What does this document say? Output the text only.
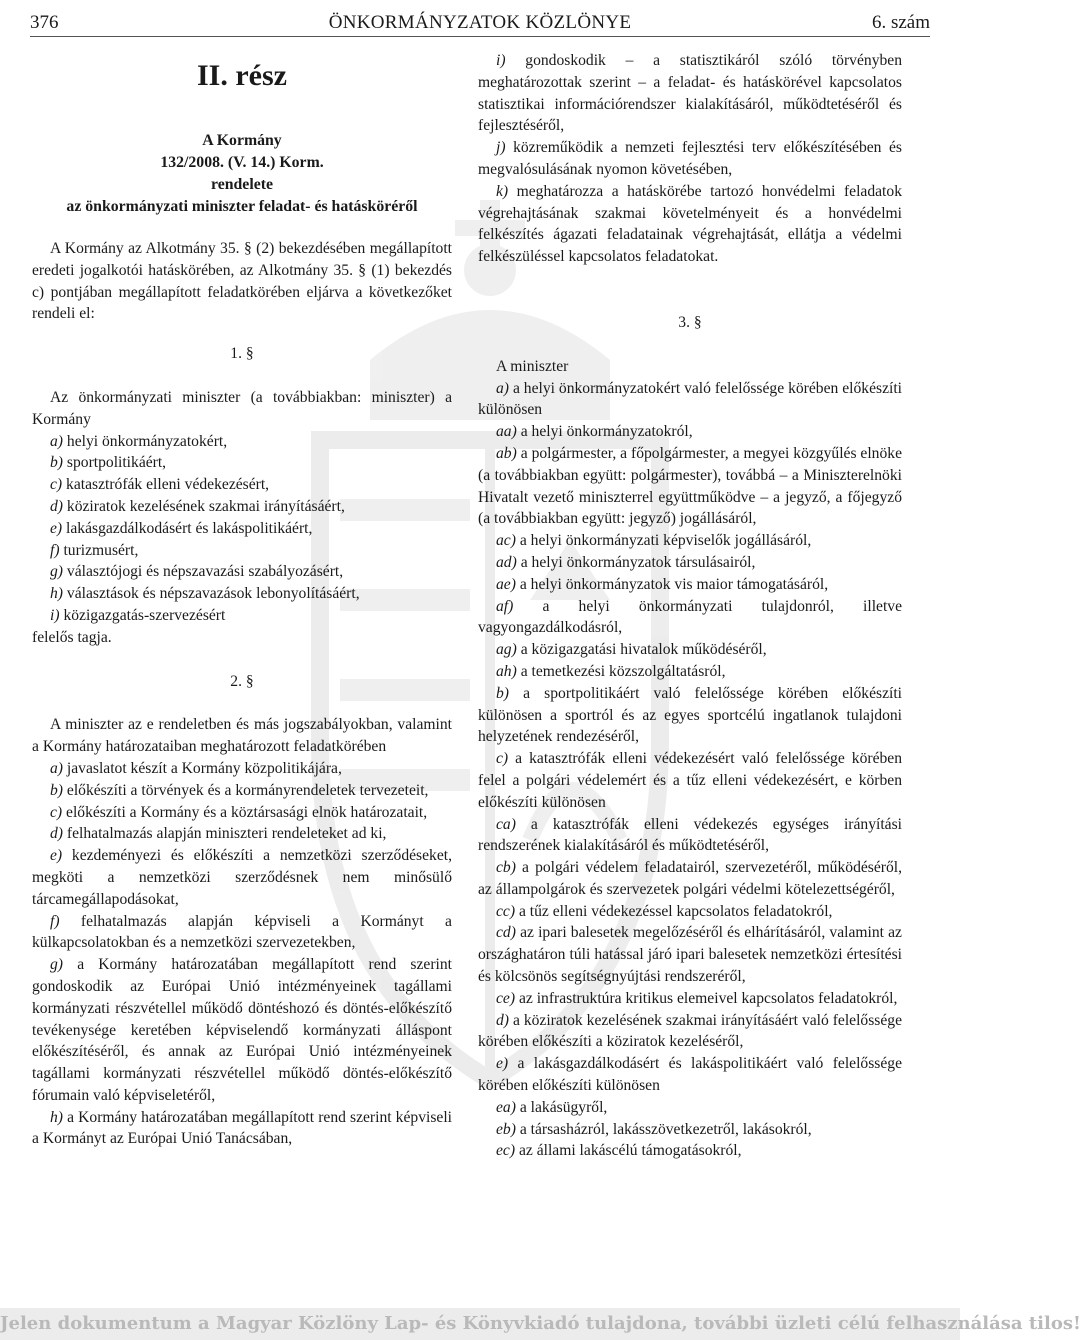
ÖNKORMÁNYZATOK KÖZLÖNYE
376	6. szám

II. rész

A Kormány

132/2008. (V. 14.) Korm.

rendelete

az önkormányzati miniszter feladat- és hatásköréről

A Kormány az Alkotmány 35. § (2) bekezdésében megállapított eredeti jogalkotói hatáskörében, az Alkotmány 35. § (1) bekezdés c) pontjában megállapított feladatkörében eljárva a következőket rendeli el:

1. §

Az önkormányzati miniszter (a továbbiakban: miniszter) a Kormány

a) helyi önkormányzatokért,

b) sportpolitikáért,

c) katasztrófák elleni védekezésért,

d) köziratok kezelésének szakmai irányításáért,

e) lakásgazdálkodásért és lakáspolitikáért,

f) turizmusért,

g) választójogi és népszavazási szabályozásért,

h) választások és népszavazások lebonyolításáért,

i) közigazgatás-szervezésért

felelős tagja.

2. §

A miniszter az e rendeletben és más jogszabályokban, valamint a Kormány határozataiban meghatározott feladatkörében

a) javaslatot készít a Kormány közpolitikájára,

b) előkészíti a törvények és a kormányrendeletek tervezeteit,

c) előkészíti a Kormány és a köztársasági elnök határozatait,

d) felhatalmazás alapján miniszteri rendeleteket ad ki,

e) kezdeményezi és előkészíti a nemzetközi szerződéseket, megköti a nemzetközi szerződésnek nem minősülő tárcamegállapodásokat,

f) felhatalmazás alapján képviseli a Kormányt a külkapcsolatokban és a nemzetközi szervezetekben,

g) a Kormány határozatában megállapított rend szerint gondoskodik az Európai Unió intézményeinek tagállami kormányzati részvétellel működő döntéshozó és döntés-előkészítő tevékenysége keretében képviselendő kormányzati álláspont előkészítéséről, és annak az Európai Unió intézményeinek tagállami kormányzati részvétellel működő döntés-előkészítő fórumain való képviseletéről,

h) a Kormány határozatában megállapított rend szerint képviseli a Kormányt az Európai Unió Tanácsában,

i) gondoskodik – a statisztikáról szóló törvényben meghatározottak szerint – a feladat- és hatáskörével kapcsolatos statisztikai információrendszer kialakításáról, működtetéséről és fejlesztéséről,

j) közreműködik a nemzeti fejlesztési terv előkészítésében és megvalósulásának nyomon követésében,

k) meghatározza a hatáskörébe tartozó honvédelmi feladatok végrehajtásának szakmai követelményeit és a honvédelmi felkészítés ágazati feladatainak végrehajtását, ellátja a védelmi felkészüléssel kapcsolatos feladatokat.

3. §

A miniszter

a) a helyi önkormányzatokért való felelőssége körében előkészíti különösen

aa) a helyi önkormányzatokról,

ab) a polgármester, a főpolgármester, a megyei közgyűlés elnöke (a továbbiakban együtt: polgármester), továbbá – a Miniszterelnöki Hivatalt vezető miniszterrel együttműködve – a jegyző, a főjegyző (a továbbiakban együtt: jegyző) jogállásáról,

ac) a helyi önkormányzati képviselők jogállásáról,

ad) a helyi önkormányzatok társulásairól,

ae) a helyi önkormányzatok vis maior támogatásáról,

af) a helyi önkormányzati tulajdonról, illetve vagyongazdálkodásról,

ag) a közigazgatási hivatalok működéséről,

ah) a temetkezési közszolgáltatásról,

b) a sportpolitikáért való felelőssége körében előkészíti különösen a sportról és az egyes sportcélú ingatlanok tulajdoni helyzetének rendezéséről,

c) a katasztrófák elleni védekezésért való felelőssége körében felel a polgári védelemért és a tűz elleni védekezésért, e körben előkészíti különösen

ca) a katasztrófák elleni védekezés egységes irányítási rendszerének kialakításáról és működtetéséről,

cb) a polgári védelem feladatairól, szervezetéről, működéséről, az állampolgárok és szervezetek polgári védelmi kötelezettségéről,

cc) a tűz elleni védekezéssel kapcsolatos feladatokról,

cd) az ipari balesetek megelőzéséről és elhárításáról, valamint az országhatáron túli hatással járó ipari balesetek nemzetközi értesítési és kölcsönös segítségnyújtási rendszeréről,

ce) az infrastruktúra kritikus elemeivel kapcsolatos feladatokról,

d) a köziratok kezelésének szakmai irányításáért való felelőssége körében előkészíti a köziratok kezeléséről,

e) a lakásgazdálkodásért és lakáspolitikáért való felelőssége körében előkészíti különösen

ea) a lakásügyről,

eb) a társasházról, lakásszövetkezetről, lakásokról,

ec) az állami lakáscélú támogatásokról,

Jelen dokumentum a Magyar Közlöny Lap- és Könyvkiadó tulajdona, további üzleti célú felhasználása tilos!
